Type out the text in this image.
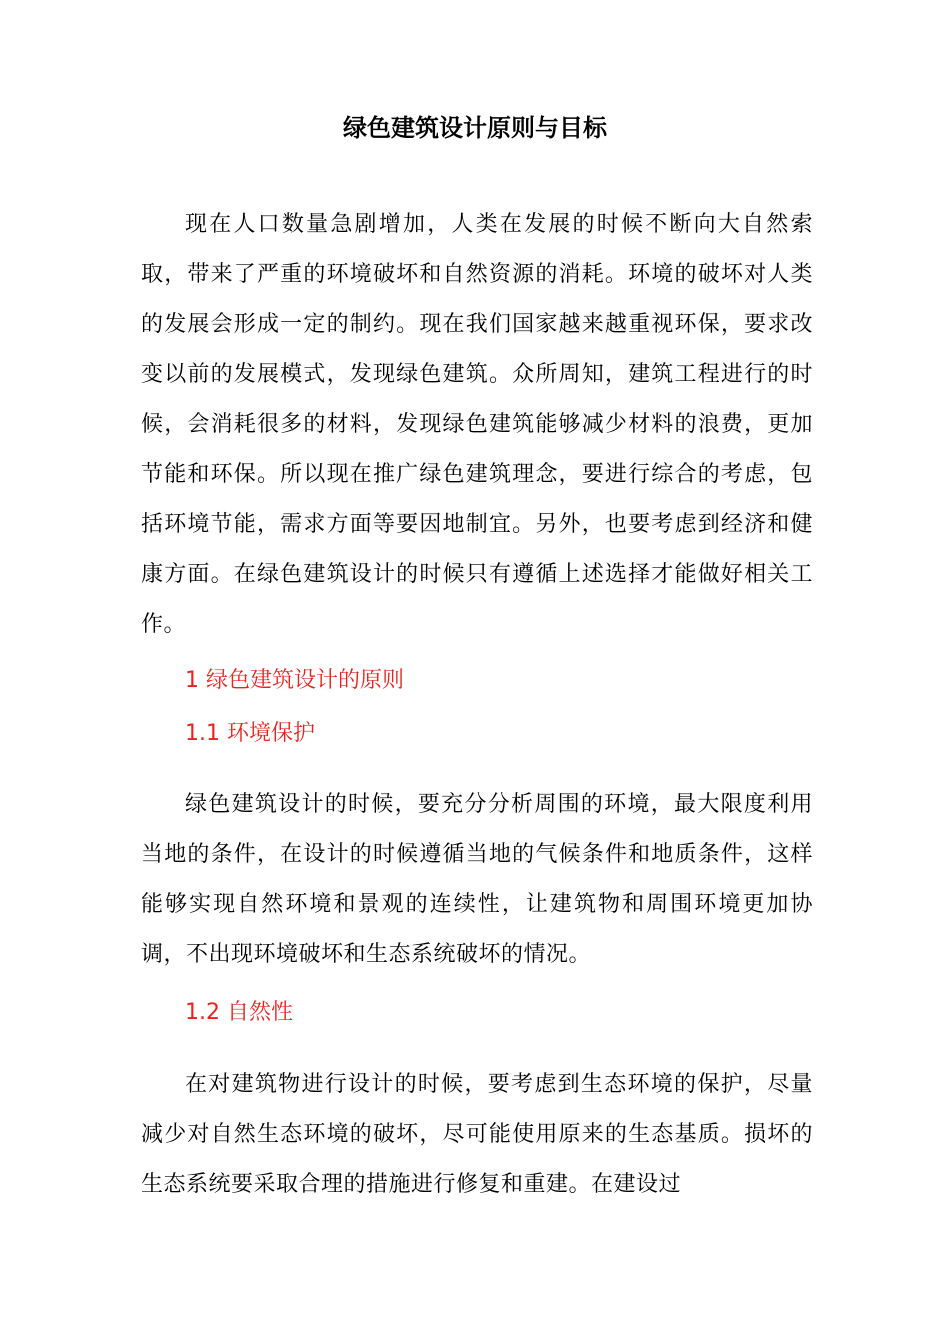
绿色建筑设计原则与目标

现在人口数量急剧增加，人类在发展的时候不断向大自然索取，带来了严重的环境破坏和自然资源的消耗。环境的破坏对人类的发展会形成一定的制约。现在我们国家越来越重视环保，要求改变以前的发展模式，发现绿色建筑。众所周知，建筑工程进行的时候，会消耗很多的材料，发现绿色建筑能够减少材料的浪费，更加节能和环保。所以现在推广绿色建筑理念，要进行综合的考虑，包括环境节能，需求方面等要因地制宜。另外，也要考虑到经济和健康方面。在绿色建筑设计的时候只有遵循上述选择才能做好相关工作。

1 绿色建筑设计的原则
1.1 环境保护

绿色建筑设计的时候，要充分分析周围的环境，最大限度利用当地的条件，在设计的时候遵循当地的气候条件和地质条件，这样能够实现自然环境和景观的连续性，让建筑物和周围环境更加协调，不出现环境破坏和生态系统破坏的情况。

1.2 自然性

在对建筑物进行设计的时候，要考虑到生态环境的保护，尽量减少对自然生态环境的破坏，尽可能使用原来的生态基质。损坏的生态系统要采取合理的措施进行修复和重建。在建设过
